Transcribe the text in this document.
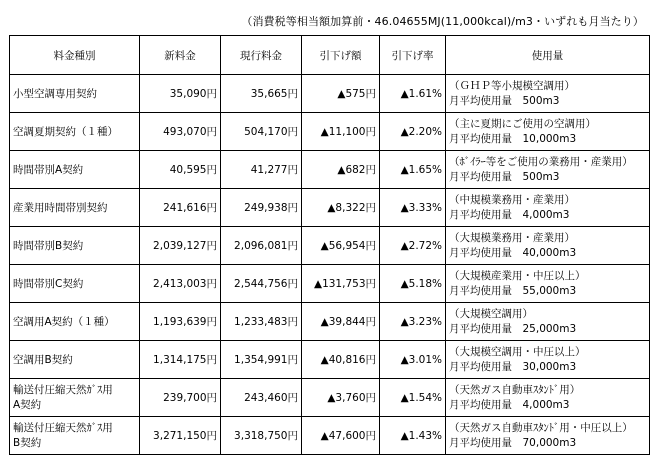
（消費税等相当額加算前・46.04655MJ(11,000kcal)/m3・いずれも月当たり）
料金種別	新料金	現行料金	引下げ額	引下げ率	使用量
小型空調専用契約	35,090円	35,665円	▲575円	▲1.61%	（ＧＨＰ等小規模空調用）
月平均使用量　500m3

空調夏期契約（１種）	493,070円	504,170円	▲11,100円	▲2.20%	（主に夏期にご使用の空調用）
月平均使用量　10,000m3

時間帯別A契約	40,595円	41,277円	▲682円	▲1.65%	（ﾎﾞｲﾗｰ等をご使用の業務用・産業用）
月平均使用量　500m3

産業用時間帯別契約	241,616円	249,938円	▲8,322円	▲3.33%	（中規模業務用・産業用）
月平均使用量　4,000m3

時間帯別B契約	2,039,127円	2,096,081円	▲56,954円	▲2.72%	（大規模業務用・産業用）
月平均使用量　40,000m3

時間帯別C契約	2,413,003円	2,544,756円	▲131,753円	▲5.18%	（大規模産業用・中圧以上）
月平均使用量　55,000m3

空調用A契約（１種）	1,193,639円	1,233,483円	▲39,844円	▲3.23%	（大規模空調用）
月平均使用量　25,000m3

空調用B契約	1,314,175円	1,354,991円	▲40,816円	▲3.01%	（大規模空調用・中圧以上）
月平均使用量　30,000m3

輸送付圧縮天然ｶﾞｽ用
A契約	239,700円	243,460円	▲3,760円	▲1.54%	（天然ガス自動車ｽﾀﾝﾄﾞ用）
月平均使用量　4,000m3

輸送付圧縮天然ｶﾞｽ用
B契約	3,271,150円	3,318,750円	▲47,600円	▲1.43%	（天然ガス自動車ｽﾀﾝﾄﾞ用・中圧以上）
月平均使用量　70,000m3
